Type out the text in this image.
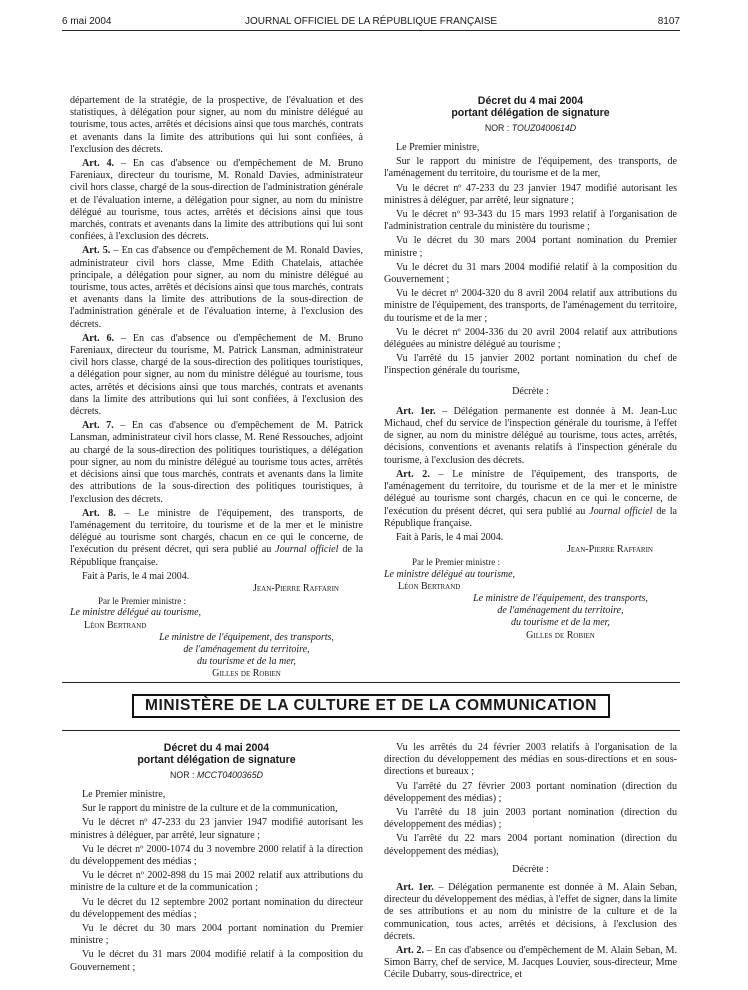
6 mai 2004	JOURNAL OFFICIEL DE LA RÉPUBLIQUE FRANÇAISE	8107

département de la stratégie, de la prospective, de l'évaluation et des statistiques, à délégation pour signer, au nom du ministre délégué au tourisme, tous actes, arrêtés et décisions ainsi que tous marchés, contrats et avenants dans la limite des attributions qui lui sont confiées, à l'exclusion des décrets.

Art. 4. – En cas d'absence ou d'empêchement de M. Bruno Fareniaux, directeur du tourisme, M. Ronald Davies, administrateur civil hors classe, chargé de la sous-direction de l'administration générale et de l'évaluation interne, a délégation pour signer, au nom du ministre délégué au tourisme, tous actes, arrêtés et décisions ainsi que tous marchés, contrats et avenants dans la limite des attributions qui lui sont confiées, à l'exclusion des décrets.

Art. 5. – En cas d'absence ou d'empêchement de M. Ronald Davies, administrateur civil hors classe, Mme Edith Chatelais, attachée principale, a délégation pour signer, au nom du ministre délégué au tourisme, tous actes, arrêtés et décisions ainsi que tous marchés, contrats et avenants dans la limite des attributions de la sous-direction de l'administration générale et de l'évaluation interne, à l'exclusion des décrets.

Art. 6. – En cas d'absence ou d'empêchement de M. Bruno Fareniaux, directeur du tourisme, M. Patrick Lansman, administrateur civil hors classe, chargé de la sous-direction des politiques touristiques, a délégation pour signer, au nom du ministre délégué au tourisme, tous actes, arrêtés et décisions ainsi que tous marchés, contrats et avenants dans la limite des attributions qui lui sont confiées, à l'exclusion des décrets.

Art. 7. – En cas d'absence ou d'empêchement de M. Patrick Lansman, administrateur civil hors classe, M. René Ressouches, adjoint au chargé de la sous-direction des politiques touristiques, a délégation pour signer, au nom du ministre délégué au tourisme tous actes, arrêtés et décisions ainsi que tous marchés, contrats et avenants dans la limite des attributions de la sous-direction des politiques touristiques, à l'exclusion des décrets.

Art. 8. – Le ministre de l'équipement, des transports, de l'aménagement du territoire, du tourisme et de la mer et le ministre délégué au tourisme sont chargés, chacun en ce qui le concerne, de l'exécution du présent décret, qui sera publié au Journal officiel de la République française.

Fait à Paris, le 4 mai 2004.
Jean-Pierre Raffarin
Par le Premier ministre :
Le ministre délégué au tourisme,
Léon Bertrand
Le ministre de l'équipement, des transports,
de l'aménagement du territoire,
du tourisme et de la mer,
Gilles de Robien
Décret du 4 mai 2004
portant délégation de signature
NOR : TOUZ0400614D

Le Premier ministre,

Sur le rapport du ministre de l'équipement, des transports, de l'aménagement du territoire, du tourisme et de la mer,

Vu le décret nº 47-233 du 23 janvier 1947 modifié autorisant les ministres à déléguer, par arrêté, leur signature ;

Vu le décret nº 93-343 du 15 mars 1993 relatif à l'organisation de l'administration centrale du ministère du tourisme ;

Vu le décret du 30 mars 2004 portant nomination du Premier ministre ;

Vu le décret du 31 mars 2004 modifié relatif à la composition du Gouvernement ;

Vu le décret nº 2004-320 du 8 avril 2004 relatif aux attributions du ministre de l'équipement, des transports, de l'aménagement du territoire, du tourisme et de la mer ;

Vu le décret nº 2004-336 du 20 avril 2004 relatif aux attributions déléguées au ministre délégué au tourisme ;

Vu l'arrêté du 15 janvier 2002 portant nomination du chef de l'inspection générale du tourisme,

Décrète :

Art. 1er. – Délégation permanente est donnée à M. Jean-Luc Michaud, chef du service de l'inspection générale du tourisme, à l'effet de signer, au nom du ministre délégué au tourisme, tous actes, arrêtés, décisions, conventions et avenants relatifs à l'inspection générale du tourisme, à l'exclusion des décrets.

Art. 2. – Le ministre de l'équipement, des transports, de l'aménagement du territoire, du tourisme et de la mer et le ministre délégué au tourisme sont chargés, chacun en ce qui le concerne, de l'exécution du présent décret, qui sera publié au Journal officiel de la République française.

Fait à Paris, le 4 mai 2004.
Jean-Pierre Raffarin
Par le Premier ministre :
Le ministre délégué au tourisme,
Léon Bertrand
Le ministre de l'équipement, des transports,
de l'aménagement du territoire,
du tourisme et de la mer,
Gilles de Robien
MINISTÈRE DE LA CULTURE ET DE LA COMMUNICATION
Décret du 4 mai 2004
portant délégation de signature
NOR : MCCT0400365D

Le Premier ministre,

Sur le rapport du ministre de la culture et de la communication,

Vu le décret nº 47-233 du 23 janvier 1947 modifié autorisant les ministres à déléguer, par arrêté, leur signature ;

Vu le décret nº 2000-1074 du 3 novembre 2000 relatif à la direction du développement des médias ;

Vu le décret nº 2002-898 du 15 mai 2002 relatif aux attributions du ministre de la culture et de la communication ;

Vu le décret du 12 septembre 2002 portant nomination du directeur du développement des médias ;

Vu le décret du 30 mars 2004 portant nomination du Premier ministre ;

Vu le décret du 31 mars 2004 modifié relatif à la composition du Gouvernement ;

Vu les arrêtés du 24 février 2003 relatifs à l'organisation de la direction du développement des médias en sous-directions et en sous-directions et bureaux ;

Vu l'arrêté du 27 février 2003 portant nomination (direction du développement des médias) ;

Vu l'arrêté du 18 juin 2003 portant nomination (direction du développement des médias) ;

Vu l'arrêté du 22 mars 2004 portant nomination (direction du développement des médias),

Décrète :

Art. 1er. – Délégation permanente est donnée à M. Alain Seban, directeur du développement des médias, à l'effet de signer, dans la limite de ses attributions et au nom du ministre de la culture et de la communication, tous actes, arrêtés et décisions, à l'exclusion des décrets.

Art. 2. – En cas d'absence ou d'empêchement de M. Alain Seban, M. Simon Barry, chef de service, M. Jacques Louvier, sous-directeur, Mme Cécile Dubarry, sous-directrice, et
